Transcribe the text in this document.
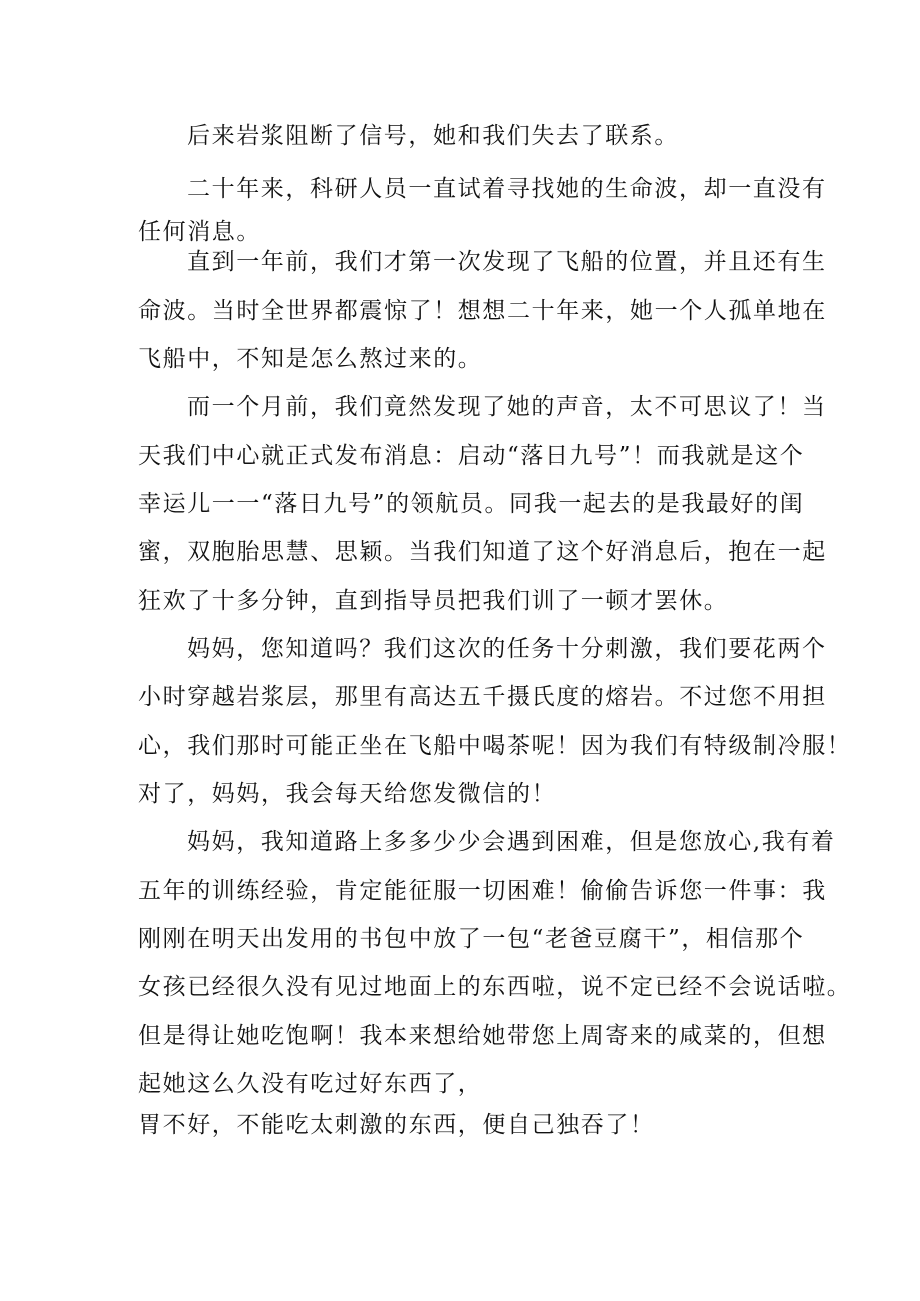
后来岩浆阻断了信号，她和我们失去了联系。

二十年来，科研人员一直试着寻找她的生命波，却一直没有

任何消息。

直到一年前，我们才第一次发现了飞船的位置，并且还有生

命波。当时全世界都震惊了！想想二十年来，她一个人孤单地在

飞船中，不知是怎么熬过来的。

而一个月前，我们竟然发现了她的声音，太不可思议了！当

天我们中心就正式发布消息：启动“落日九号”！而我就是这个

幸运儿一一“落日九号”的领航员。同我一起去的是我最好的闺

蜜，双胞胎思慧、思颖。当我们知道了这个好消息后，抱在一起

狂欢了十多分钟，直到指导员把我们训了一顿才罢休。

妈妈，您知道吗？我们这次的任务十分刺激，我们要花两个

小时穿越岩浆层，那里有高达五千摄氏度的熔岩。不过您不用担

心，我们那时可能正坐在飞船中喝茶呢！因为我们有特级制冷服！

对了，妈妈，我会每天给您发微信的！

妈妈，我知道路上多多少少会遇到困难，但是您放心,我有着

五年的训练经验，肯定能征服一切困难！偷偷告诉您一件事：我

刚刚在明天出发用的书包中放了一包“老爸豆腐干”，相信那个

女孩已经很久没有见过地面上的东西啦，说不定已经不会说话啦。

但是得让她吃饱啊！我本来想给她带您上周寄来的咸菜的，但想

起她这么久没有吃过好东西了，

胃不好，不能吃太刺激的东西，便自己独吞了！
